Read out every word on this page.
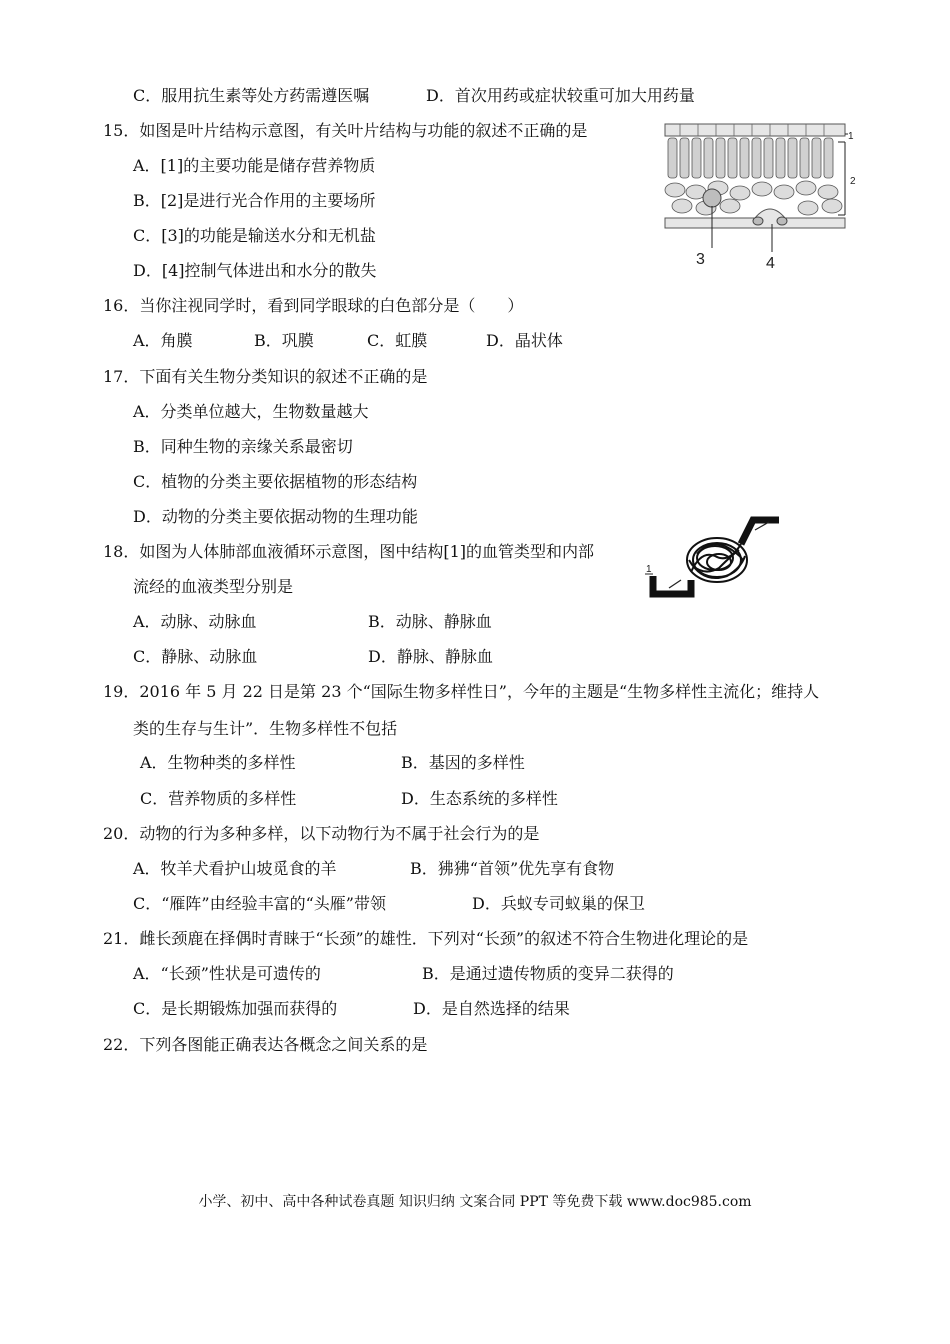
C．服用抗生素等处方药需遵医嘱	D．首次用药或症状较重可加大用药量
15．如图是叶片结构示意图，有关叶片结构与功能的叙述不正确的是
A．[1]的主要功能是储存营养物质
B．[2]是进行光合作用的主要场所
C．[3]的功能是输送水分和无机盐
D．[4]控制气体进出和水分的散失
1
2
3	4
16．当你注视同学时，看到同学眼球的白色部分是（　　）
A．角膜	B．巩膜	C．虹膜	D．晶状体
17．下面有关生物分类知识的叙述不正确的是
A．分类单位越大，生物数量越大
B．同种生物的亲缘关系最密切
C．植物的分类主要依据植物的形态结构
D．动物的分类主要依据动物的生理功能
18．如图为人体肺部血液循环示意图，图中结构[1]的血管类型和内部
流经的血液类型分别是
A．动脉、动脉血	B．动脉、静脉血
C．静脉、动脉血	D．静脉、静脉血
1
19．2016 年 5 月 22 日是第 23 个“国际生物多样性日”，今年的主题是“生物多样性主流化；维持人
类的生存与生计”．生物多样性不包括
A．生物种类的多样性	B．基因的多样性
C．营养物质的多样性	D．生态系统的多样性
20．动物的行为多种多样，以下动物行为不属于社会行为的是
A．牧羊犬看护山坡觅食的羊	B．狒狒“首领”优先享有食物
C．“雁阵”由经验丰富的“头雁”带领	D．兵蚁专司蚁巢的保卫
21．雌长颈鹿在择偶时青睐于“长颈”的雄性．下列对“长颈”的叙述不符合生物进化理论的是
A．“长颈”性状是可遗传的	B．是通过遗传物质的变异二获得的
C．是长期锻炼加强而获得的	D．是自然选择的结果
22．下列各图能正确表达各概念之间关系的是
小学、初中、高中各种试卷真题 知识归纳 文案合同 PPT 等免费下载 www.doc985.com
